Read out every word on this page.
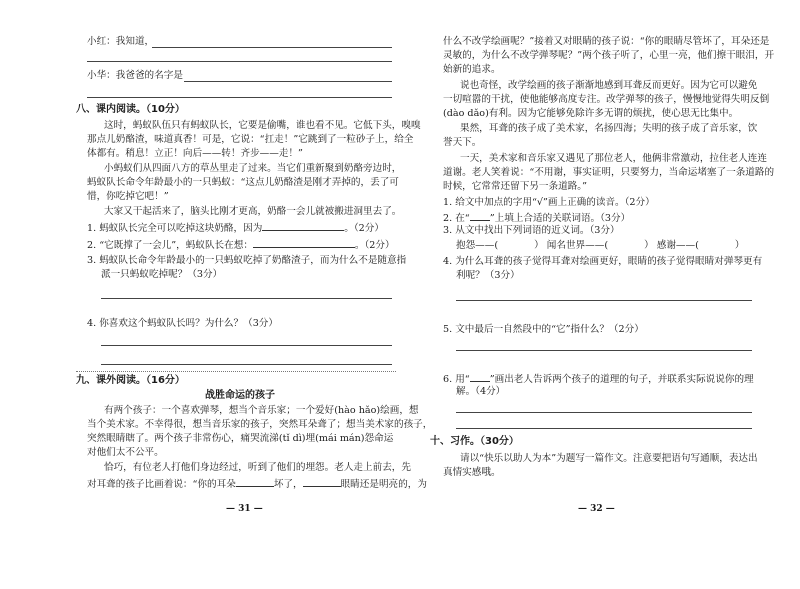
小红：我知道，
小华：我爸爸的名字是
八、课内阅读。（10分）
这时，蚂蚁队伍只有蚂蚁队长，它要是偷嘴，谁也看不见。它低下头，嗅嗅
那点儿奶酪渣，味道真香！可是，它说：“扛走！”它跳到了一粒砂子上，给全
体都有。稍息！立正！向后——转！齐步——走！”
小蚂蚁们从四面八方的草丛里走了过来。当它们重新聚到奶酪旁边时，
蚂蚁队长命令年龄最小的一只蚂蚁：“这点儿奶酪渣是刚才弄掉的，丢了可
惜，你吃掉它吧！”
大家又干起活来了，脑头比刚才更高，奶酪一会儿就被搬进洞里去了。
1. 蚂蚁队长完全可以吃掉这块奶酪，因为	。（2分）
2. “它既撑了一会儿”，蚂蚁队长在想：	。（2分）
3. 蚂蚁队长命令年龄最小的一只蚂蚁吃掉了奶酪渣子，而为什么不是随意指
派一只蚂蚁吃掉呢？（3分）
4. 你喜欢这个蚂蚁队长吗？为什么？（3分）
九、课外阅读。（16分）
战胜命运的孩子
有两个孩子：一个喜欢弹琴，想当个音乐家；一个爱好(hào hǎo)绘画，想
当个美术家。不幸得很，想当音乐家的孩子，突然耳朵聋了；想当美术家的孩子，
突然眼睛瞎了。两个孩子非常伤心，痛哭流涕(tǐ dì)埋(mái mán)怨命运
对他们太不公平。
恰巧，有位老人打他们身边经过，听到了他们的埋怨。老人走上前去，先
对耳聋的孩子比画着说：“你的耳朵	坏了，	眼睛还是明亮的，为
— 31 —
什么不改学绘画呢？”接着又对眼睛的孩子说：“你的眼睛尽管坏了，耳朵还是
灵敏的，为什么不改学弹琴呢？”两个孩子听了，心里一亮，他们擦干眼泪，开
始新的追求。
说也奇怪，改学绘画的孩子渐渐地感到耳聋反而更好。因为它可以避免
一切喧嚣的干扰，使他能够高度专注。改学弹琴的孩子，慢慢地觉得失明反倒
(dào dǎo)有利。因为它能够免除许多无谓的烦扰，使心思无比集中。
果然，耳聋的孩子成了美术家，名扬四海；失明的孩子成了音乐家，饮
誉天下。
一天，美术家和音乐家又遇见了那位老人，他俩非常激动，拉住老人连连
道谢。老人笑着说：“不用谢，事实证明，只要努力，当命运堵塞了一条道路的
时候，它常常还留下另一条道路。”
1. 给文中加点的字用“√”画上正确的读音。（2分）
2. 在“ ”上填上合适的关联词语。（3分）
3. 从文中找出下列词语的近义词。（3分）
抱怨——(	） 闻名世界——(	） 感谢——(	）
4. 为什么耳聋的孩子觉得耳聋对绘画更好，眼睛的孩子觉得眼睛对弹琴更有
利呢？（3分）
5. 文中最后一自然段中的“它”指什么？（2分）
6. 用“ ”画出老人告诉两个孩子的道理的句子，并联系实际说说你的理
解。（4分）
十、习作。（30分）
请以“快乐以助人为本”为题写一篇作文。注意要把语句写通顺，表达出
真情实感哦。
— 32 —
